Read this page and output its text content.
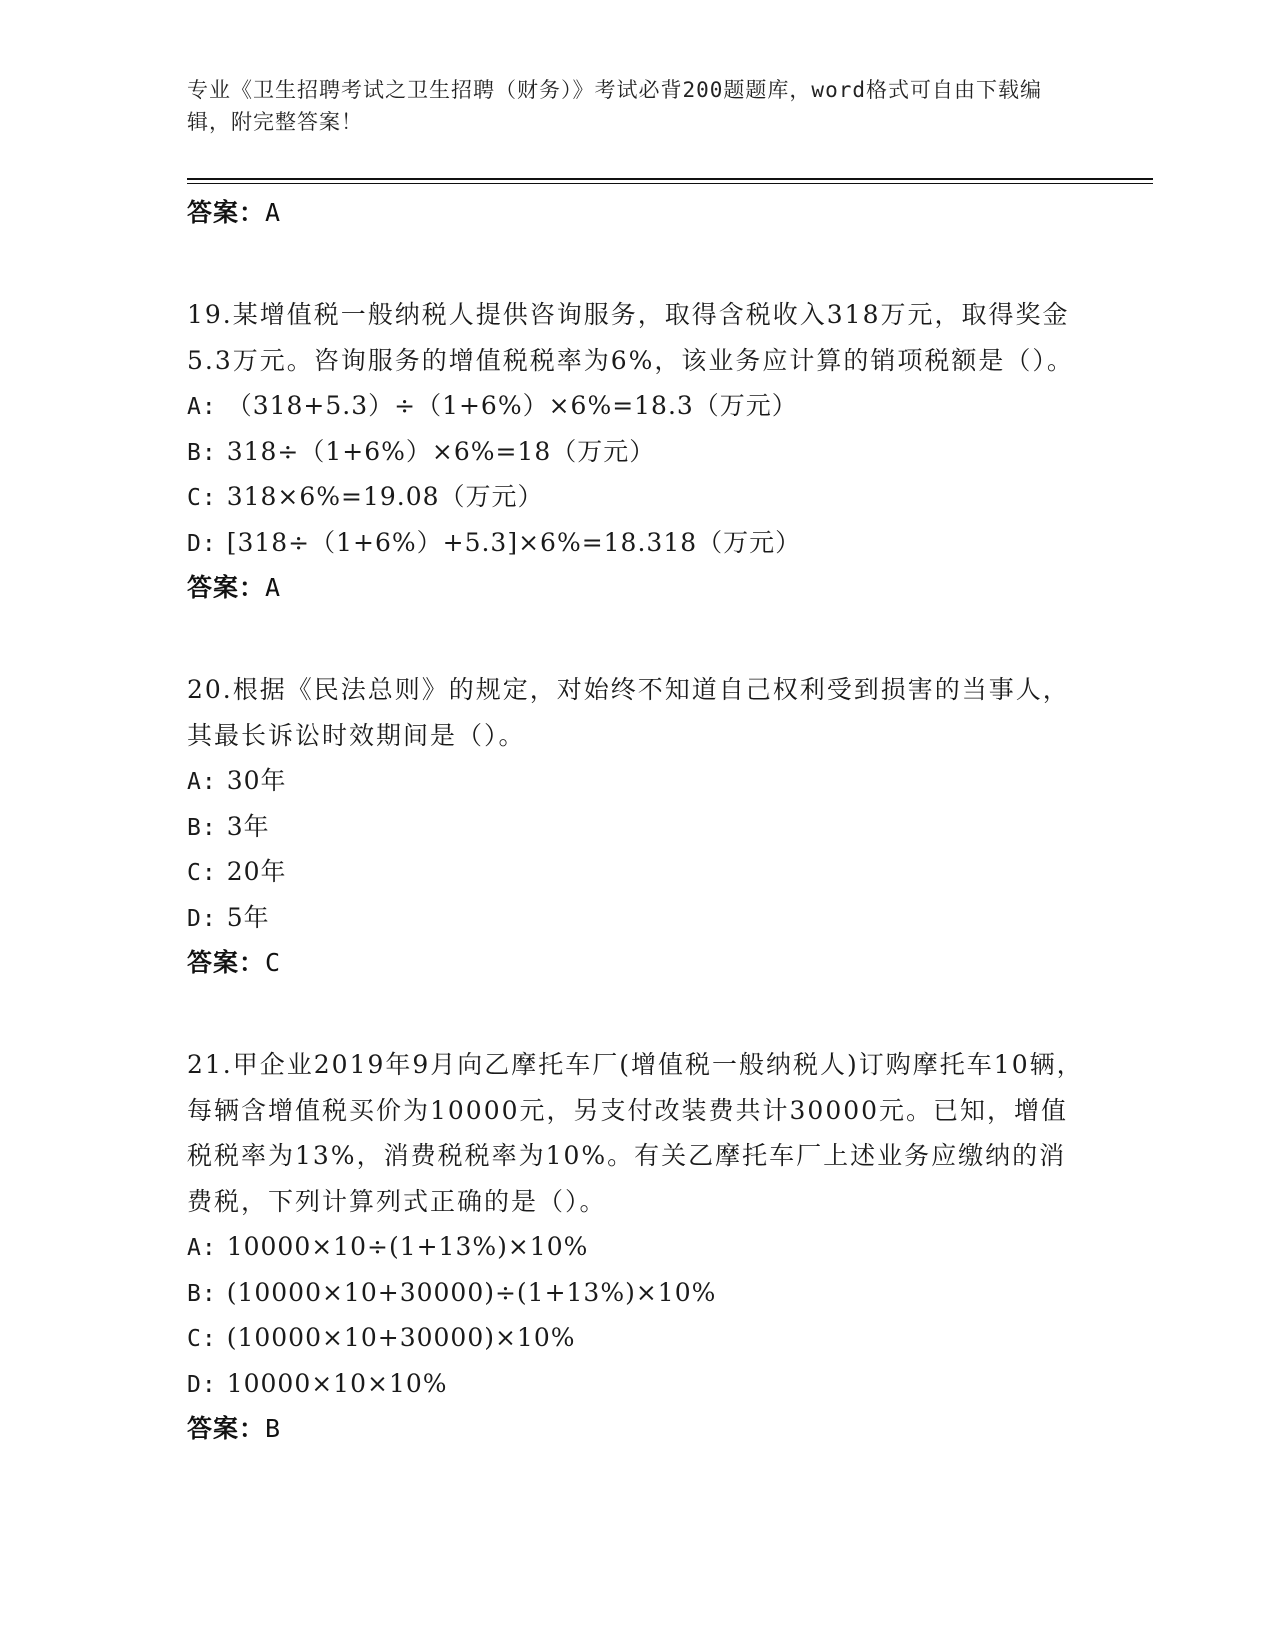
专业《卫生招聘考试之卫生招聘（财务）》考试必背200题题库，word格式可自由下载编辑，附完整答案！
答案：A
19.某增值税一般纳税人提供咨询服务，取得含税收入318万元，取得奖金5.3万元。咨询服务的增值税税率为6%，该业务应计算的销项税额是（）。
A: （318+5.3）÷（1+6%）×6%=18.3（万元）
B: 318÷（1+6%）×6%=18（万元）
C: 318×6%=19.08（万元）
D: [318÷（1+6%）+5.3]×6%=18.318（万元）
答案：A
20.根据《民法总则》的规定，对始终不知道自己权利受到损害的当事人，其最长诉讼时效期间是（）。
A: 30年
B: 3年
C: 20年
D: 5年
答案：C
21.甲企业2019年9月向乙摩托车厂(增值税一般纳税人)订购摩托车10辆，每辆含增值税买价为10000元，另支付改装费共计30000元。已知，增值税税率为13%，消费税税率为10%。有关乙摩托车厂上述业务应缴纳的消费税，下列计算列式正确的是（）。
A: 10000×10÷(1+13%)×10%
B: (10000×10+30000)÷(1+13%)×10%
C: (10000×10+30000)×10%
D: 10000×10×10%
答案：B
